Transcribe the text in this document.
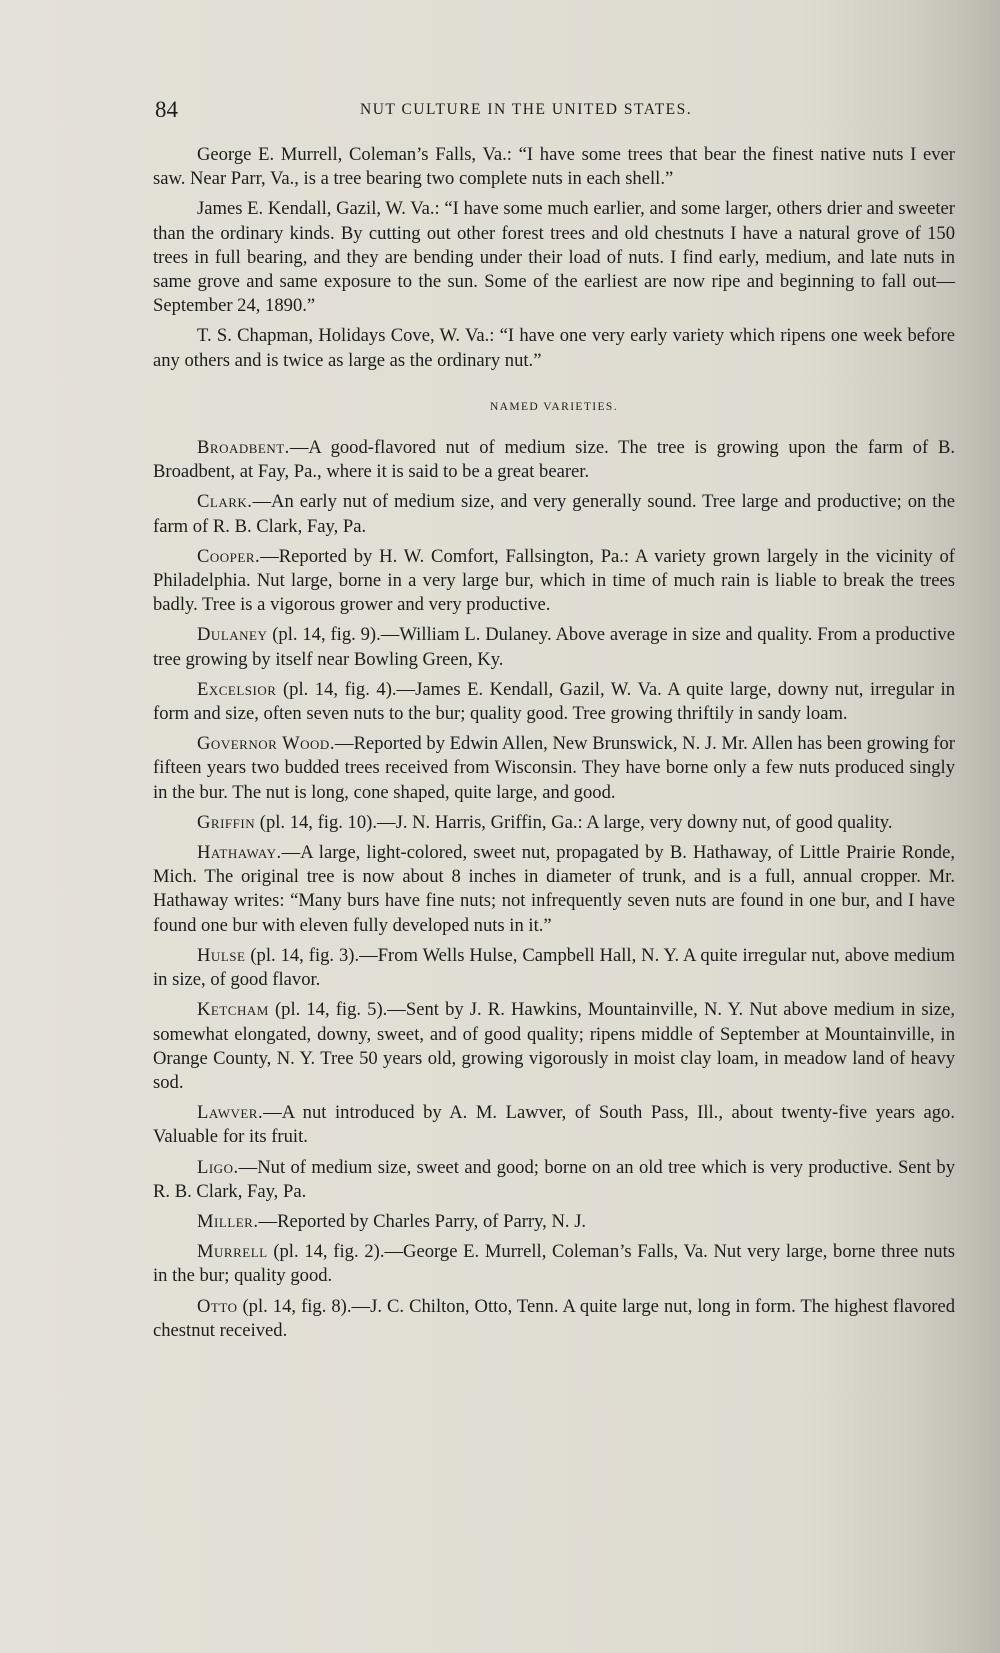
84	NUT CULTURE IN THE UNITED STATES.

George E. Murrell, Coleman’s Falls, Va.: “I have some trees that bear the finest native nuts I ever saw. Near Parr, Va., is a tree bearing two complete nuts in each shell.”

James E. Kendall, Gazil, W. Va.: “I have some much earlier, and some larger, others drier and sweeter than the ordinary kinds. By cutting out other forest trees and old chestnuts I have a natural grove of 150 trees in full bearing, and they are bending under their load of nuts. I find early, medium, and late nuts in same grove and same exposure to the sun. Some of the earliest are now ripe and beginning to fall out—September 24, 1890.”

T. S. Chapman, Holidays Cove, W. Va.: “I have one very early variety which ripens one week before any others and is twice as large as the ordinary nut.”

NAMED VARIETIES.

Broadbent.—A good-flavored nut of medium size. The tree is growing upon the farm of B. Broadbent, at Fay, Pa., where it is said to be a great bearer.

Clark.—An early nut of medium size, and very generally sound. Tree large and productive; on the farm of R. B. Clark, Fay, Pa.

Cooper.—Reported by H. W. Comfort, Fallsington, Pa.: A variety grown largely in the vicinity of Philadelphia. Nut large, borne in a very large bur, which in time of much rain is liable to break the trees badly. Tree is a vigorous grower and very productive.

Dulaney (pl. 14, fig. 9).—William L. Dulaney. Above average in size and quality. From a productive tree growing by itself near Bowling Green, Ky.

Excelsior (pl. 14, fig. 4).—James E. Kendall, Gazil, W. Va. A quite large, downy nut, irregular in form and size, often seven nuts to the bur; quality good. Tree growing thriftily in sandy loam.

Governor Wood.—Reported by Edwin Allen, New Brunswick, N. J. Mr. Allen has been growing for fifteen years two budded trees received from Wisconsin. They have borne only a few nuts produced singly in the bur. The nut is long, cone shaped, quite large, and good.

Griffin (pl. 14, fig. 10).—J. N. Harris, Griffin, Ga.: A large, very downy nut, of good quality.

Hathaway.—A large, light-colored, sweet nut, propagated by B. Hathaway, of Little Prairie Ronde, Mich. The original tree is now about 8 inches in diameter of trunk, and is a full, annual cropper. Mr. Hathaway writes: “Many burs have fine nuts; not infrequently seven nuts are found in one bur, and I have found one bur with eleven fully developed nuts in it.”

Hulse (pl. 14, fig. 3).—From Wells Hulse, Campbell Hall, N. Y. A quite irregular nut, above medium in size, of good flavor.

Ketcham (pl. 14, fig. 5).—Sent by J. R. Hawkins, Mountainville, N. Y. Nut above medium in size, somewhat elongated, downy, sweet, and of good quality; ripens middle of September at Mountainville, in Orange County, N. Y. Tree 50 years old, growing vigorously in moist clay loam, in meadow land of heavy sod.

Lawver.—A nut introduced by A. M. Lawver, of South Pass, Ill., about twenty-five years ago. Valuable for its fruit.

Ligo.—Nut of medium size, sweet and good; borne on an old tree which is very productive. Sent by R. B. Clark, Fay, Pa.

Miller.—Reported by Charles Parry, of Parry, N. J.

Murrell (pl. 14, fig. 2).—George E. Murrell, Coleman’s Falls, Va. Nut very large, borne three nuts in the bur; quality good.

Otto (pl. 14, fig. 8).—J. C. Chilton, Otto, Tenn. A quite large nut, long in form. The highest flavored chestnut received.
